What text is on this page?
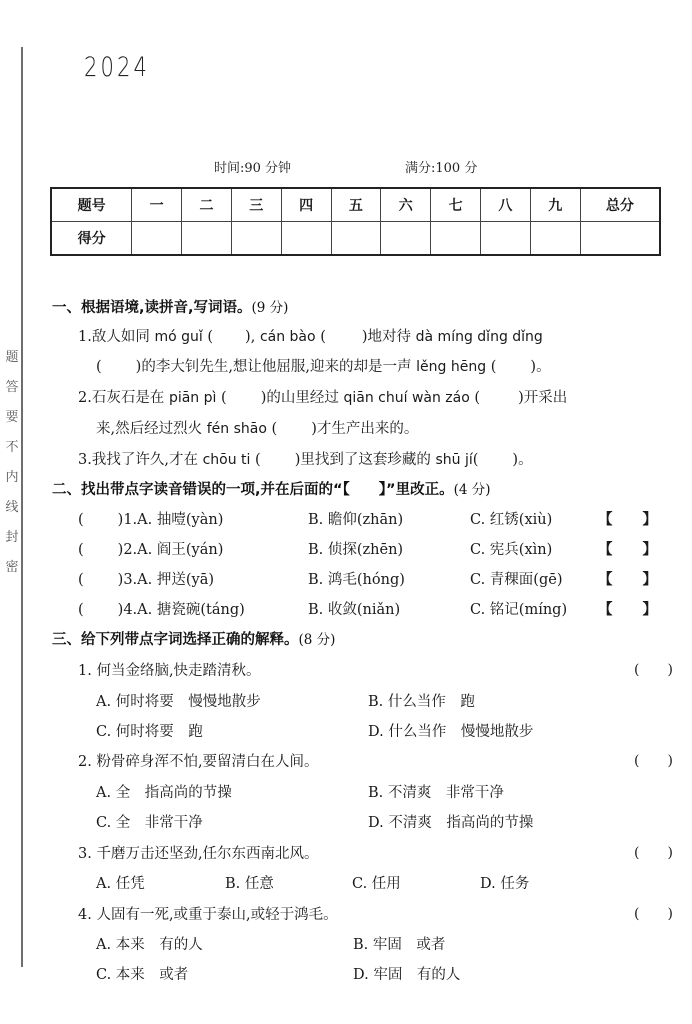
密
封
线
内
不
要
答
题
2024
时间:90 分钟	满分:100 分
题号	一	二	三	四	五	六	七	八	九	总分
得分										
一、根据语境,读拼音,写词语。(9 分)
1.敌人如同 mó guǐ ( ), cán bào ( )地对待 dà míng dǐng dǐng
( )的李大钊先生,想让他屈服,迎来的却是一声 lěng hēng ( )。
2.石灰石是在 piān pì ( )的山里经过 qiān chuí wàn záo (	)开采出
来,然后经过烈火 fén shāo ( )才生产出来的。
3.我找了许久,才在 chōu ti ( )里找到了这套珍藏的 shū jí( )。
二、找出带点字读音错误的一项,并在后面的“【　　】”里改正。(4 分)
( )1.A. 抽噎(yàn)	B. 瞻仰(zhān)	C. 红锈(xiù)	【 】
( )2.A. 阎王(yán)	B. 侦探(zhēn)	C. 宪兵(xìn)	【 】
( )3.A. 押送(yā)	B. 鸿毛(hóng)	C. 青稞面(gē) 【 】
( )4.A. 搪瓷碗(táng)	B. 收敛(niǎn)	C. 铭记(míng) 【 】
三、给下列带点字词选择正确的解释。(8 分)
1. 何当金络脑,快走踏清秋。	(　　)
A. 何时将要　慢慢地散步	B. 什么当作　跑
C. 何时将要　跑	D. 什么当作　慢慢地散步
2. 粉骨碎身浑不怕,要留清白在人间。	(　　)
A. 全　指高尚的节操	B. 不清爽　非常干净
C. 全　非常干净	D. 不清爽　指高尚的节操
3. 千磨万击还坚劲,任尔东西南北风。	(　　)
A. 任凭	B. 任意	C. 任用	D. 任务
4. 人固有一死,或重于泰山,或轻于鸿毛。	(　　)
A. 本来　有的人	B. 牢固　或者
C. 本来　或者	D. 牢固　有的人
